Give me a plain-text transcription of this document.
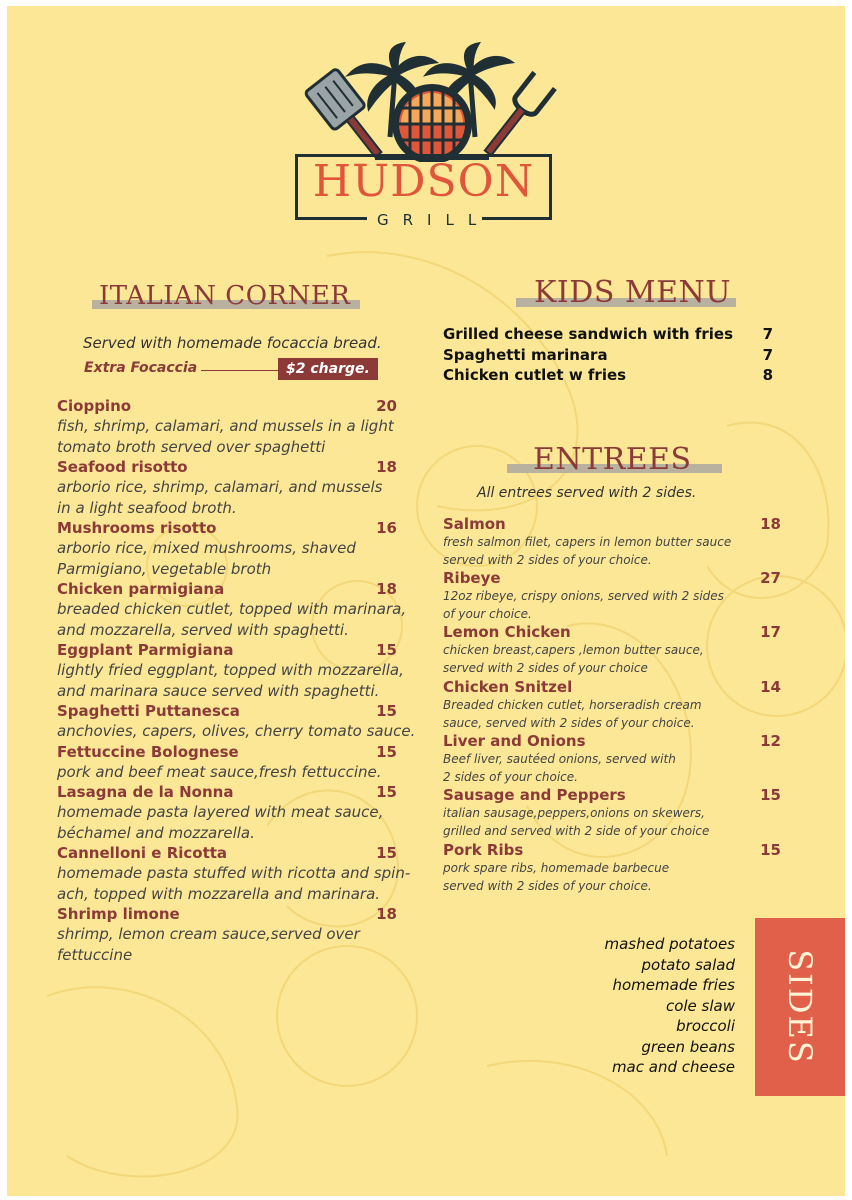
HUDSON
GRILL
ITALIAN CORNER
Served with homemade focaccia bread.
Extra Focaccia	$2 charge.
Cioppino	20
fish, shrimp, calamari, and mussels in a light
tomato broth served over spaghetti
Seafood risotto	18
arborio rice, shrimp, calamari, and mussels
in a light seafood broth.
Mushrooms risotto	16
arborio rice, mixed mushrooms, shaved
Parmigiano, vegetable broth
Chicken parmigiana	18
breaded chicken cutlet, topped with marinara,
and mozzarella, served with spaghetti.
Eggplant Parmigiana	15
lightly fried eggplant, topped with mozzarella,
and marinara sauce served with spaghetti.
Spaghetti Puttanesca	15
anchovies, capers, olives, cherry tomato sauce.
Fettuccine Bolognese	15
pork and beef meat sauce,fresh fettuccine.
Lasagna de la Nonna	15
homemade pasta layered with meat sauce,
béchamel and mozzarella.
Cannelloni e Ricotta	15
homemade pasta stuffed with ricotta and spin-
ach, topped with mozzarella and marinara.
Shrimp limone	18
shrimp, lemon cream sauce,served over
fettuccine
KIDS MENU
Grilled cheese sandwich with fries 7
Spaghetti marinara	7
Chicken cutlet w fries	8
ENTREES
All entrees served with 2 sides.
Salmon	18
fresh salmon filet, capers in lemon butter sauce
served with 2 sides of your choice.
Ribeye	27
12oz ribeye, crispy onions, served with 2 sides
of your choice.
Lemon Chicken	17
chicken breast,capers ,lemon butter sauce,
served with 2 sides of your choice
Chicken Snitzel	14
Breaded chicken cutlet, horseradish cream
sauce, served with 2 sides of your choice.
Liver and Onions	12
Beef liver, sautéed onions, served with
2 sides of your choice.
Sausage and Peppers	15
italian sausage,peppers,onions on skewers,
grilled and served with 2 side of your choice
Pork Ribs	15
pork spare ribs, homemade barbecue
served with 2 sides of your choice.
mashed potatoes
potato salad
homemade fries
cole slaw
broccoli
green beans
mac and cheese
SIDES
